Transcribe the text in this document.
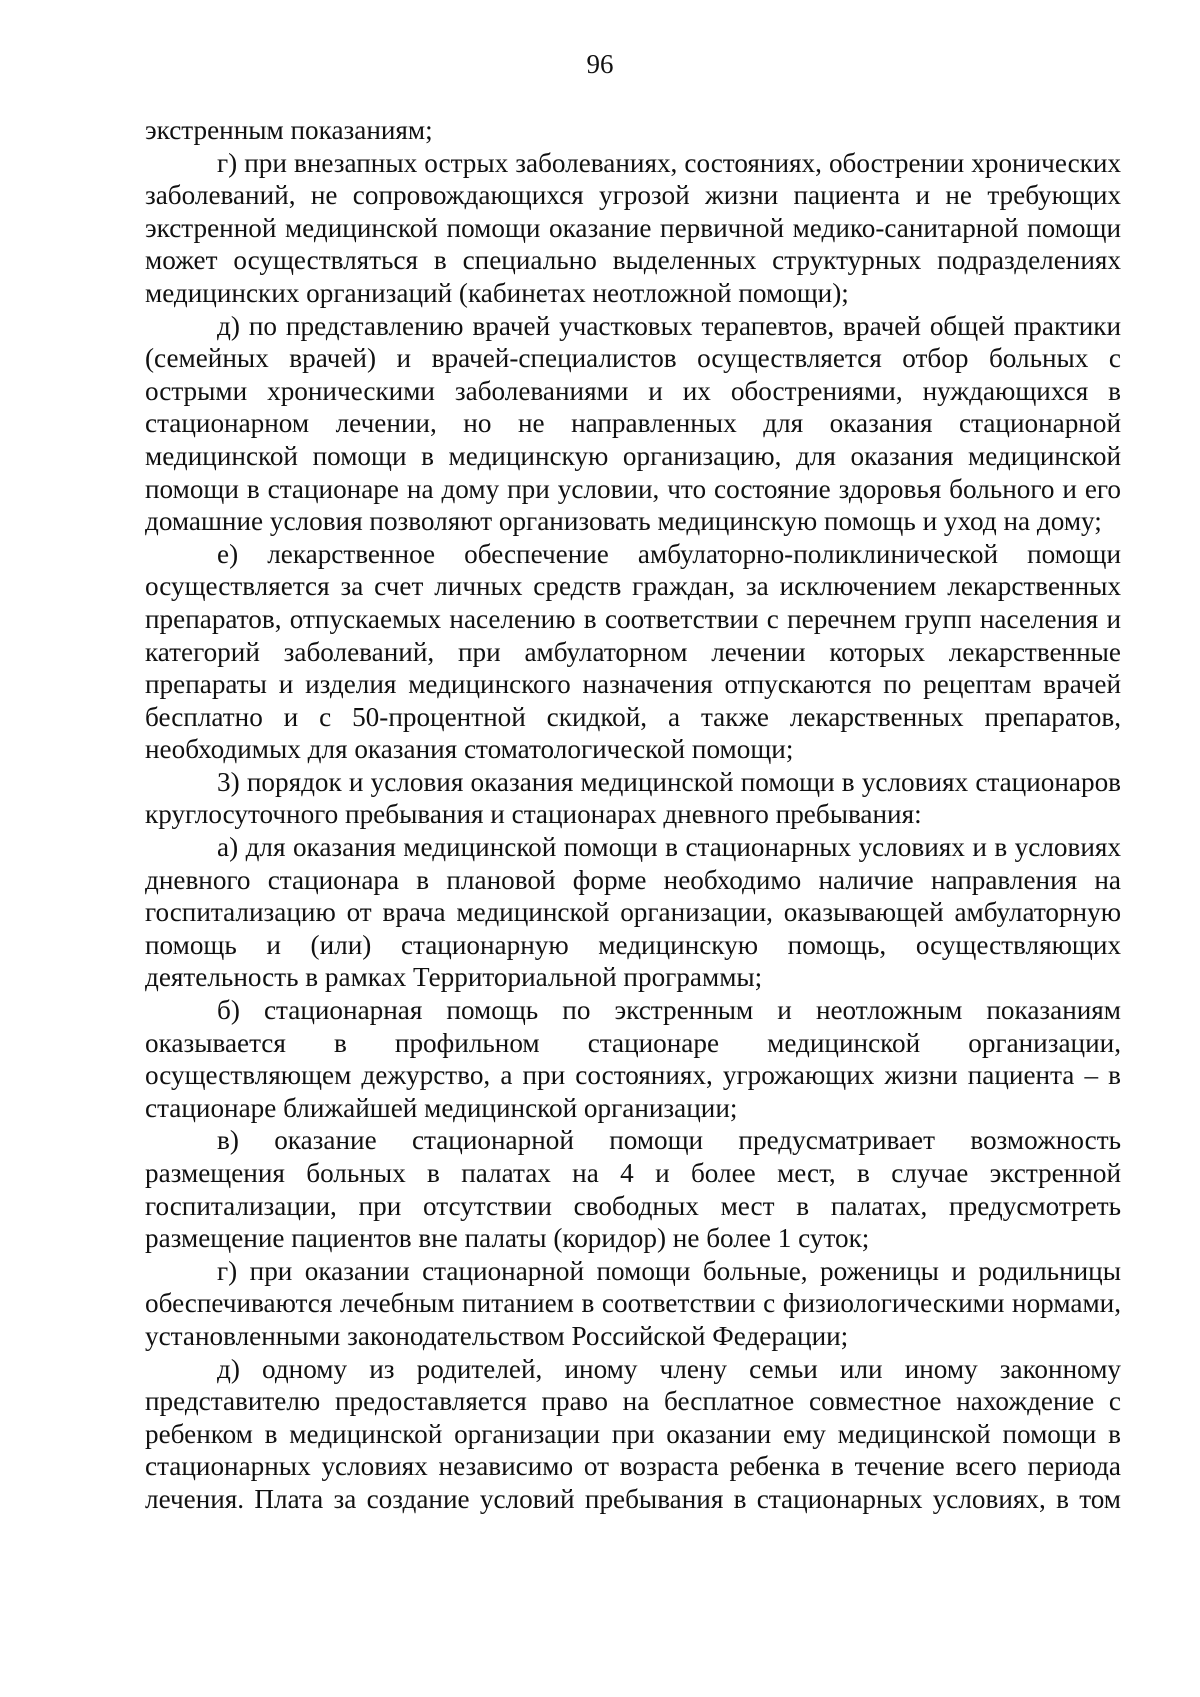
96

экстренным показаниям;

г) при внезапных острых заболеваниях, состояниях, обострении хронических заболеваний, не сопровождающихся угрозой жизни пациента и не требующих экстренной медицинской помощи оказание первичной медико-санитарной помощи может осуществляться в специально выделенных структурных подразделениях медицинских организаций (кабинетах неотложной помощи);

д) по представлению врачей участковых терапевтов, врачей общей практики (семейных врачей) и врачей-специалистов осуществляется отбор больных с острыми хроническими заболеваниями и их обострениями, нуждающихся в стационарном лечении, но не направленных для оказания стационарной медицинской помощи в медицинскую организацию, для оказания медицинской помощи в стационаре на дому при условии, что состояние здоровья больного и его домашние условия позволяют организовать медицинскую помощь и уход на дому;

е) лекарственное обеспечение амбулаторно-поликлинической помощи осуществляется за счет личных средств граждан, за исключением лекарственных препаратов, отпускаемых населению в соответствии с перечнем групп населения и категорий заболеваний, при амбулаторном лечении которых лекарственные препараты и изделия медицинского назначения отпускаются по рецептам врачей бесплатно и с 50-процентной скидкой, а также лекарственных препаратов, необходимых для оказания стоматологической помощи;

3) порядок и условия оказания медицинской помощи в условиях стационаров круглосуточного пребывания и стационарах дневного пребывания:

а) для оказания медицинской помощи в стационарных условиях и в условиях дневного стационара в плановой форме необходимо наличие направления на госпитализацию от врача медицинской организации, оказывающей амбулаторную помощь и (или) стационарную медицинскую помощь, осуществляющих деятельность в рамках Территориальной программы;

б) стационарная помощь по экстренным и неотложным показаниям оказывается в профильном стационаре медицинской организации, осуществляющем дежурство, а при состояниях, угрожающих жизни пациента – в стационаре ближайшей медицинской организации;

в) оказание стационарной помощи предусматривает возможность размещения больных в палатах на 4 и более мест, в случае экстренной госпитализации, при отсутствии свободных мест в палатах, предусмотреть размещение пациентов вне палаты (коридор) не более 1 суток;

г) при оказании стационарной помощи больные, роженицы и родильницы обеспечиваются лечебным питанием в соответствии с физиологическими нормами, установленными законодательством Российской Федерации;

д) одному из родителей, иному члену семьи или иному законному представителю предоставляется право на бесплатное совместное нахождение с ребенком в медицинской организации при оказании ему медицинской помощи в стационарных условиях независимо от возраста ребенка в течение всего периода лечения. Плата за создание условий пребывания в стационарных условиях, в том
